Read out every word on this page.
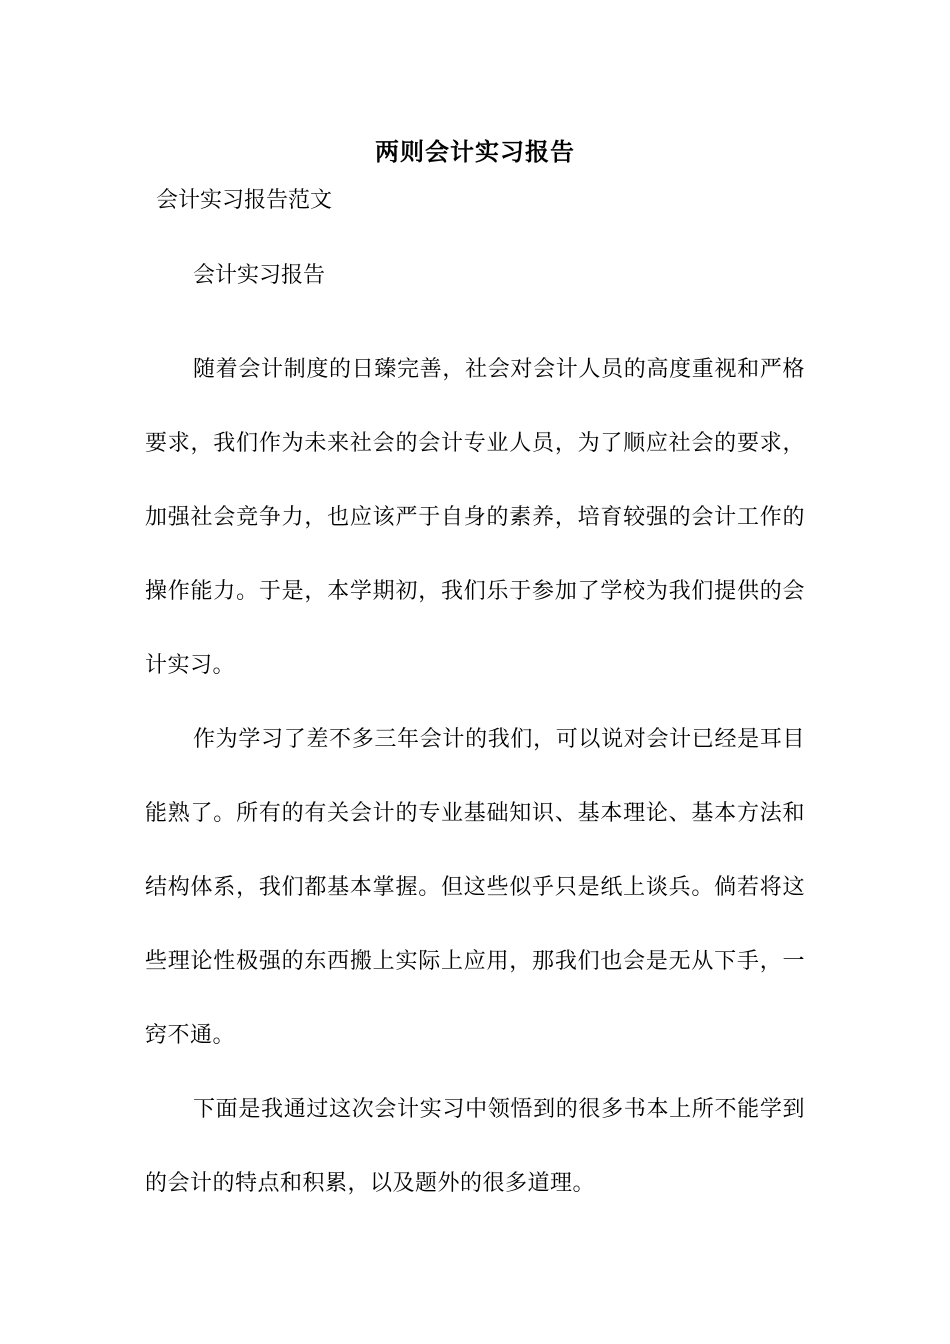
两则会计实习报告
会计实习报告范文
会计实习报告

随着会计制度的日臻完善，社会对会计人员的高度重视和严格要求，我们作为未来社会的会计专业人员，为了顺应社会的要求，加强社会竞争力，也应该严于自身的素养，培育较强的会计工作的操作能力。于是，本学期初，我们乐于参加了学校为我们提供的会计实习。

作为学习了差不多三年会计的我们，可以说对会计已经是耳目能熟了。所有的有关会计的专业基础知识、基本理论、基本方法和结构体系，我们都基本掌握。但这些似乎只是纸上谈兵。倘若将这些理论性极强的东西搬上实际上应用，那我们也会是无从下手，一窍不通。

下面是我通过这次会计实习中领悟到的很多书本上所不能学到的会计的特点和积累，以及题外的很多道理。
